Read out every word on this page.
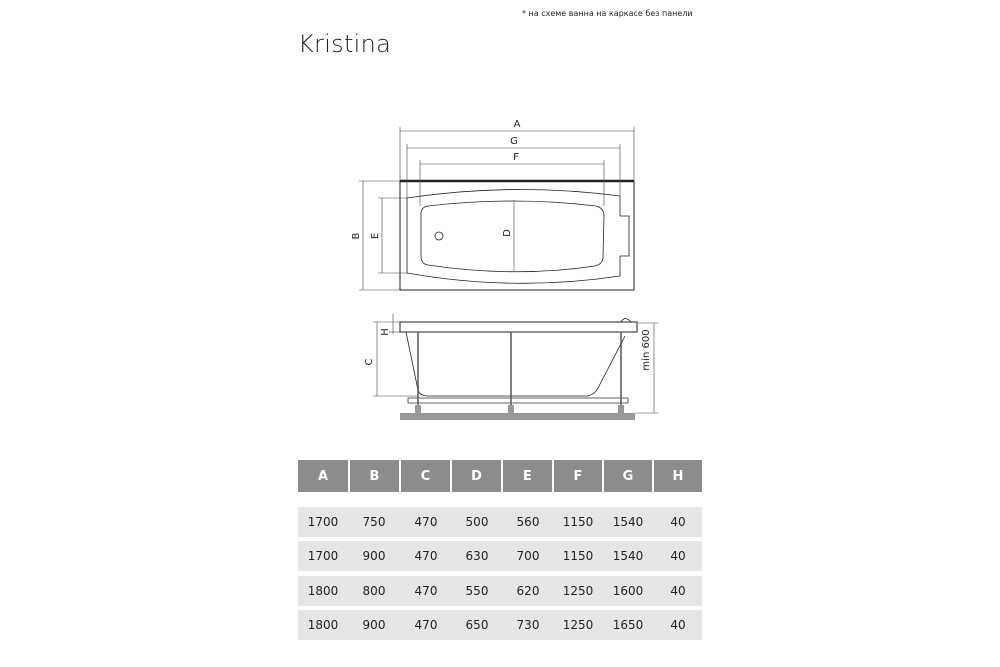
* на схеме ванна на каркасе без панели
Kristina
A
G
F
B E	D
C
H	min 600
A	B	C	D	E	F	G	H
1700	750	470	500	560	1150	1540	40
1700	900	470	630	700	1150	1540	40
1800	800	470	550	620	1250	1600	40
1800	900	470	650	730	1250	1650	40
